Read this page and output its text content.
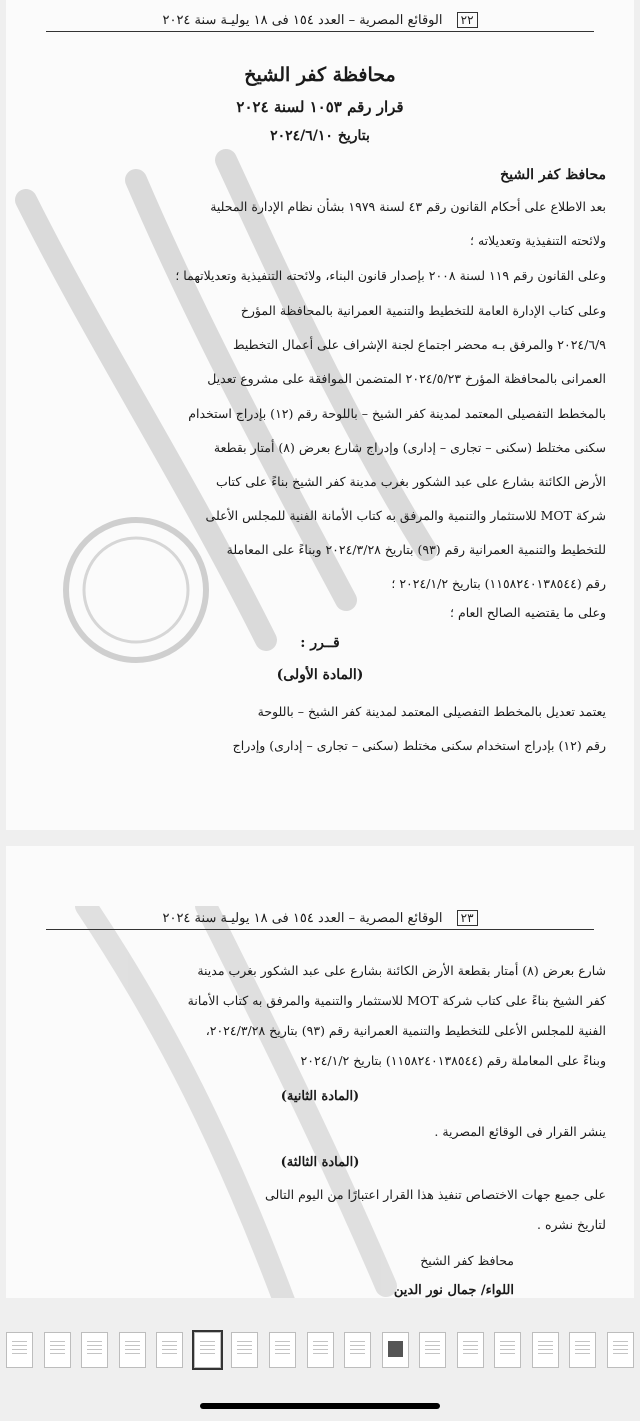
٢٢ الوقائع المصرية – العدد ١٥٤ فى ١٨ يوليـة سنة ٢٠٢٤
محافظة كفر الشيخ
قرار رقم ١٠٥٣ لسنة ٢٠٢٤
بتاريخ ٢٠٢٤/٦/١٠
محافظ كفر الشيخ
بعد الاطلاع على أحكام القانون رقم ٤٣ لسنة ١٩٧٩ بشأن نظام الإدارة المحلية
ولائحته التنفيذية وتعديلاته ؛
وعلى القانون رقم ١١٩ لسنة ٢٠٠٨ بإصدار قانون البناء، ولائحته التنفيذية وتعديلاتهما ؛
وعلى كتاب الإدارة العامة للتخطيط والتنمية العمرانية بالمحافظة المؤرخ
٢٠٢٤/٦/٩ والمرفق بـه محضر اجتماع لجنة الإشراف على أعمال التخطيط
العمرانى بالمحافظة المؤرخ ٢٠٢٤/٥/٢٣ المتضمن الموافقة على مشروع تعديل
بالمخطط التفصيلى المعتمد لمدينة كفر الشيخ – باللوحة رقم (١٢) بإدراج استخدام
سكنى مختلط (سكنى – تجارى – إدارى) وإدراج شارع بعرض (٨) أمتار بقطعة
الأرض الكائنة بشارع على عبد الشكور بغرب مدينة كفر الشيخ بناءً على كتاب
شركة MOT للاستثمار والتنمية والمرفق به كتاب الأمانة الفنية للمجلس الأعلى
للتخطيط والتنمية العمرانية رقم (٩٣) بتاريخ ٢٠٢٤/٣/٢٨ وبناءً على المعاملة
رقم (١١٥٨٢٤٠١٣٨٥٤٤) بتاريخ ٢٠٢٤/١/٢ ؛
وعلى ما يقتضيه الصالح العام ؛
قــرر :
(المادة الأولى)
يعتمد تعديل بالمخطط التفصيلى المعتمد لمدينة كفر الشيخ – باللوحة
رقم (١٢) بإدراج استخدام سكنى مختلط (سكنى – تجارى – إدارى) وإدراج
٢٣ الوقائع المصرية – العدد ١٥٤ فى ١٨ يوليـة سنة ٢٠٢٤
شارع بعرض (٨) أمتار بقطعة الأرض الكائنة بشارع على عبد الشكور بغرب مدينة
كفر الشيخ بناءً على كتاب شركة MOT للاستثمار والتنمية والمرفق به كتاب الأمانة
الفنية للمجلس الأعلى للتخطيط والتنمية العمرانية رقم (٩٣) بتاريخ ٢٠٢٤/٣/٢٨،
وبناءً على المعاملة رقم (١١٥٨٢٤٠١٣٨٥٤٤) بتاريخ ٢٠٢٤/١/٢
(المادة الثانية)
ينشر القرار فى الوقائع المصرية .
(المادة الثالثة)
على جميع جهات الاختصاص تنفيذ هذا القرار اعتبارًا من اليوم التالى
لتاريخ نشره .
محافظ كفر الشيخ
اللواء/ جمال نور الدين
